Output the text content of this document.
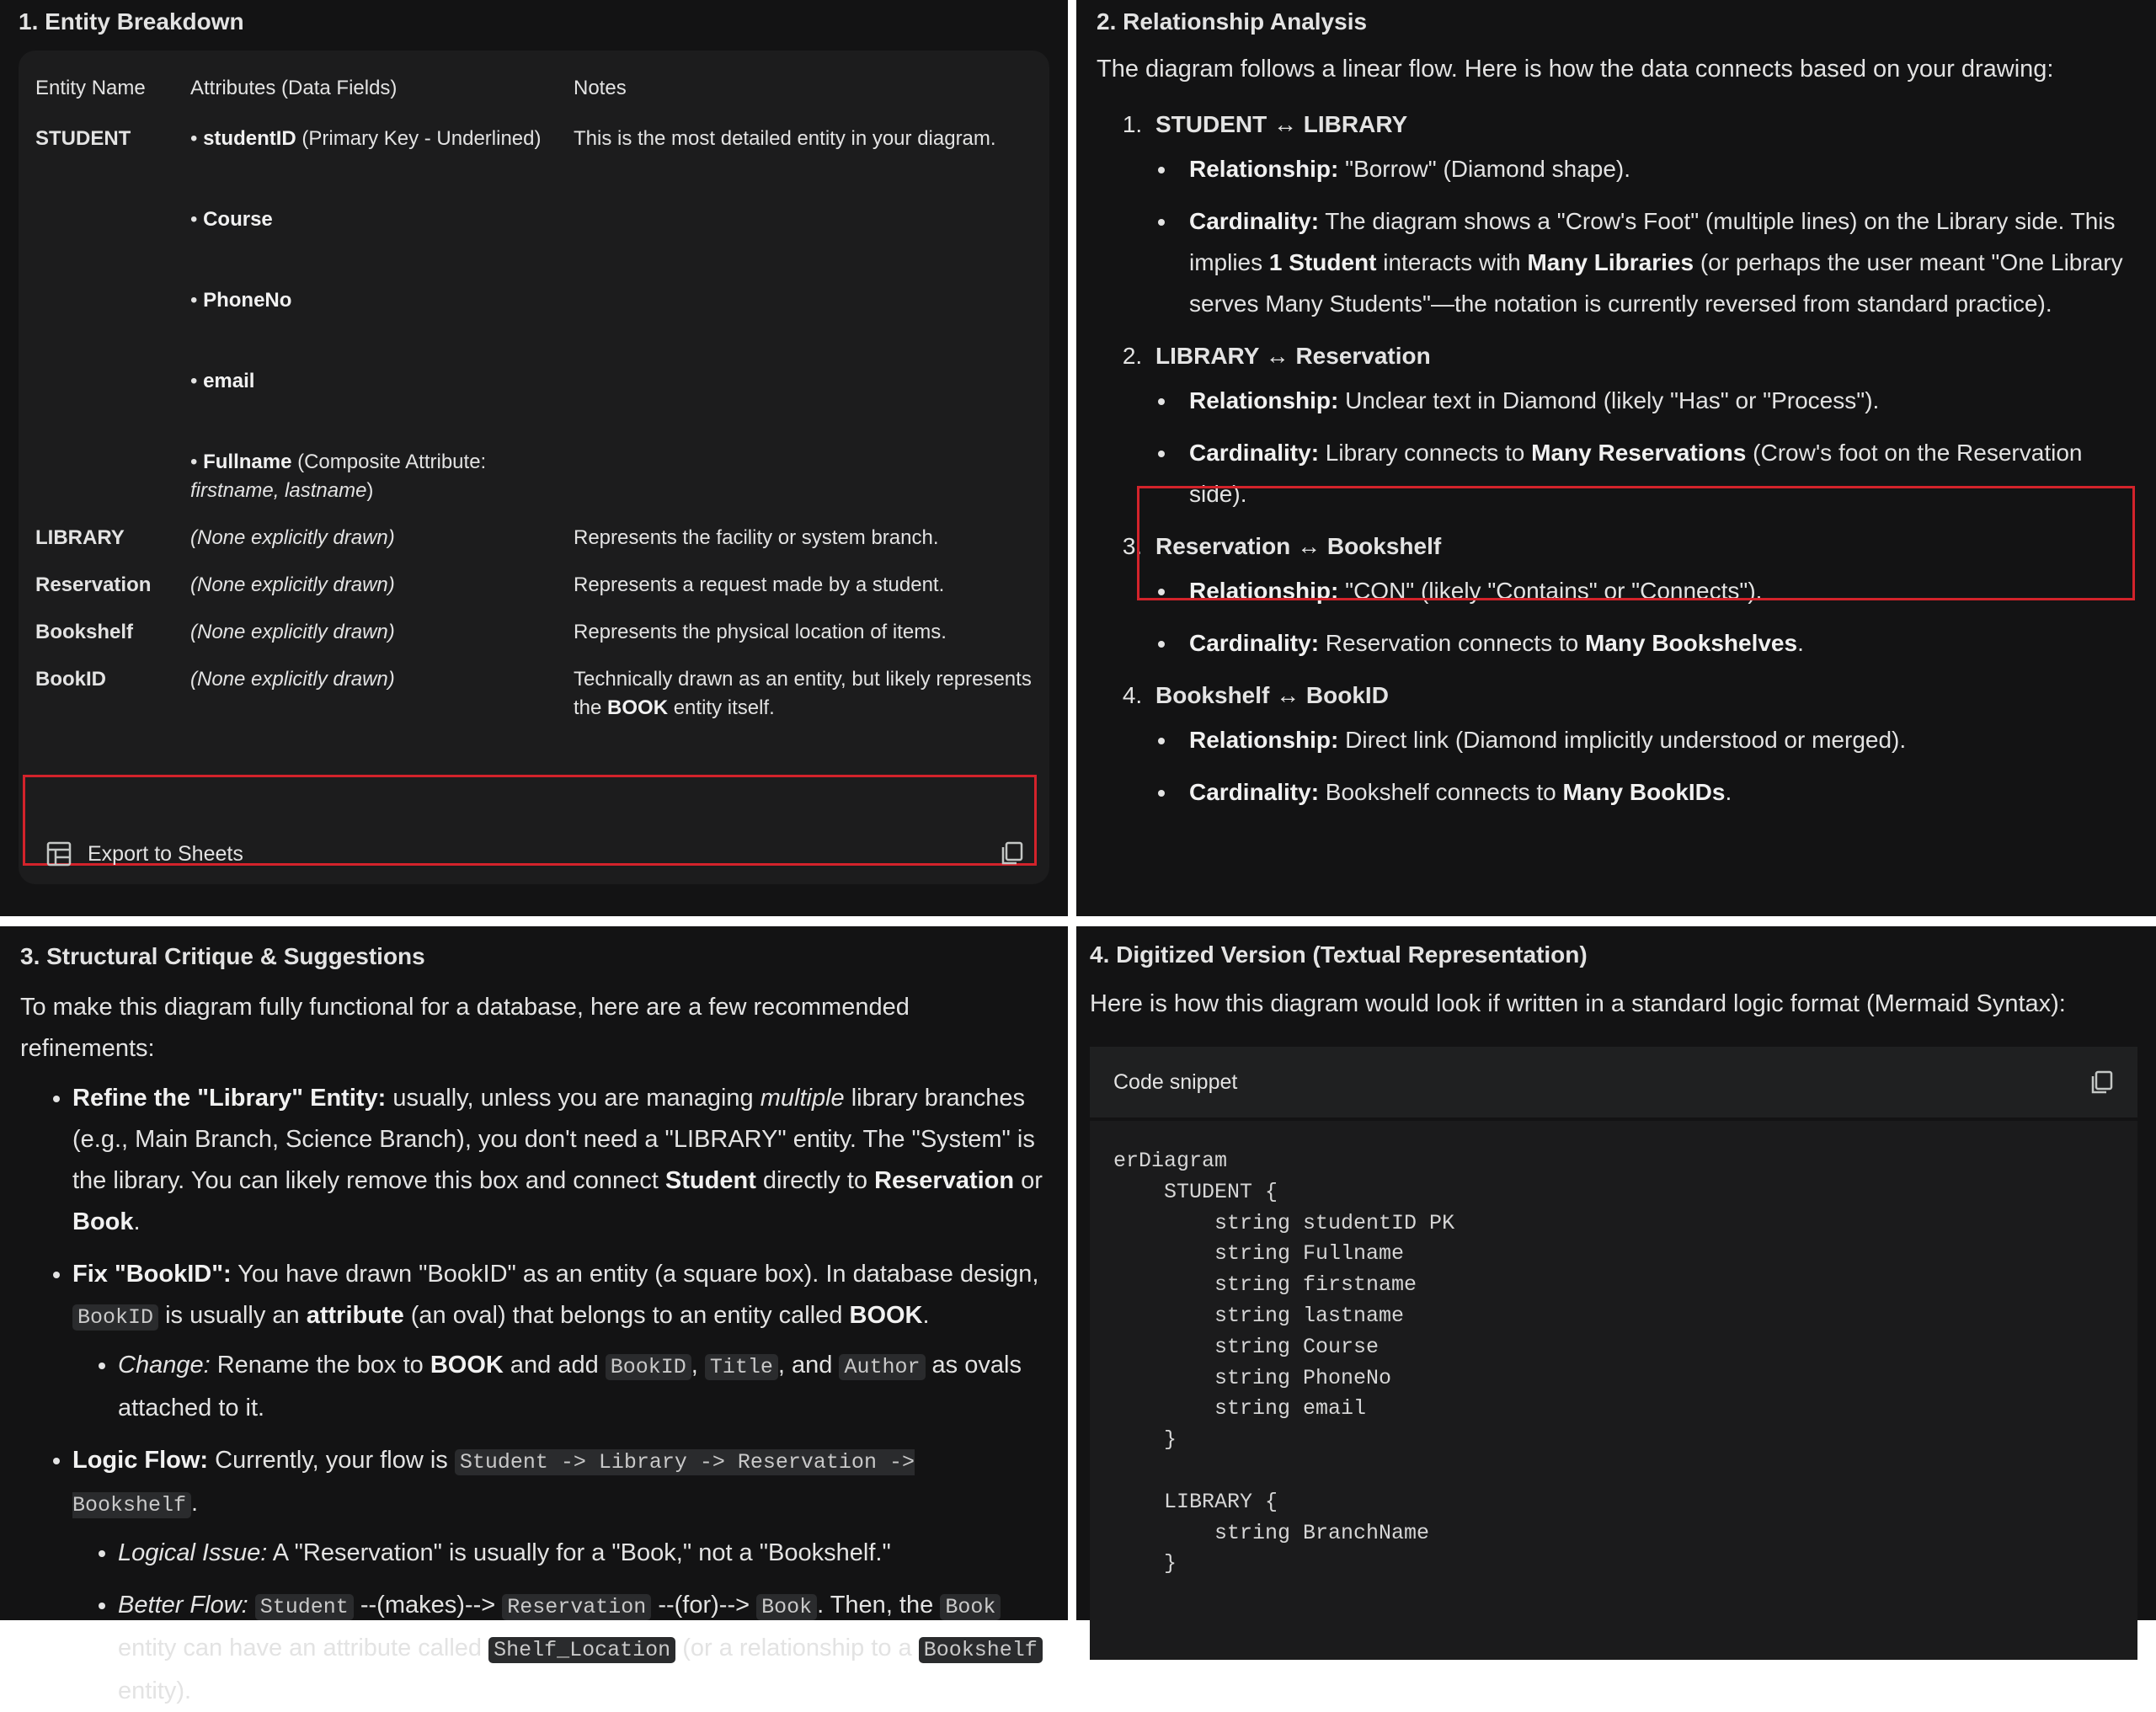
1. Entity Breakdown
Entity Name	Attributes (Data Fields)	Notes
STUDENT	• studentID (Primary Key - Underlined)
• Course
• PhoneNo
• email
• Fullname (Composite Attribute: firstname, lastname)	This is the most detailed entity in your diagram.
LIBRARY	(None explicitly drawn)	Represents the facility or system branch.
Reservation	(None explicitly drawn)	Represents a request made by a student.
Bookshelf	(None explicitly drawn)	Represents the physical location of items.
BookID	(None explicitly drawn)	Technically drawn as an entity, but likely represents the BOOK entity itself.
Export to Sheets
2. Relationship Analysis
The diagram follows a linear flow. Here is how the data connects based on your drawing:
1. STUDENT ↔ LIBRARY
• Relationship: "Borrow" (Diamond shape).
• Cardinality: The diagram shows a "Crow's Foot" (multiple lines) on the Library side. This implies 1 Student interacts with Many Libraries (or perhaps the user meant "One Library serves Many Students"—the notation is currently reversed from standard practice).
2. LIBRARY ↔ Reservation
• Relationship: Unclear text in Diamond (likely "Has" or "Process").
• Cardinality: Library connects to Many Reservations (Crow's foot on the Reservation side).
3. Reservation ↔ Bookshelf
• Relationship: "CON" (likely "Contains" or "Connects").
• Cardinality: Reservation connects to Many Bookshelves.
4. Bookshelf ↔ BookID
• Relationship: Direct link (Diamond implicitly understood or merged).
• Cardinality: Bookshelf connects to Many BookIDs.
3. Structural Critique & Suggestions
To make this diagram fully functional for a database, here are a few recommended refinements:
• Refine the "Library" Entity: usually, unless you are managing multiple library branches (e.g., Main Branch, Science Branch), you don't need a "LIBRARY" entity. The "System" is the library. You can likely remove this box and connect Student directly to Reservation or Book.
• Fix "BookID": You have drawn "BookID" as an entity (a square box). In database design, BookID is usually an attribute (an oval) that belongs to an entity called BOOK.
• Change: Rename the box to BOOK and add BookID , Title , and Author as ovals attached to it.
• Logic Flow: Currently, your flow is Student -> Library -> Reservation -> Bookshelf .
• Logical Issue: A "Reservation" is usually for a "Book," not a "Bookshelf."
• Better Flow: Student --(makes)--> Reservation --(for)--> Book . Then, the Book entity can have an attribute called Shelf_Location (or a relationship to a Bookshelf entity).
4. Digitized Version (Textual Representation)
Here is how this diagram would look if written in a standard logic format (Mermaid Syntax):
Code snippet
erDiagram
STUDENT {
string studentID PK
string Fullname
string firstname
string lastname
string Course
string PhoneNo
string email
}

LIBRARY {
string BranchName
}
